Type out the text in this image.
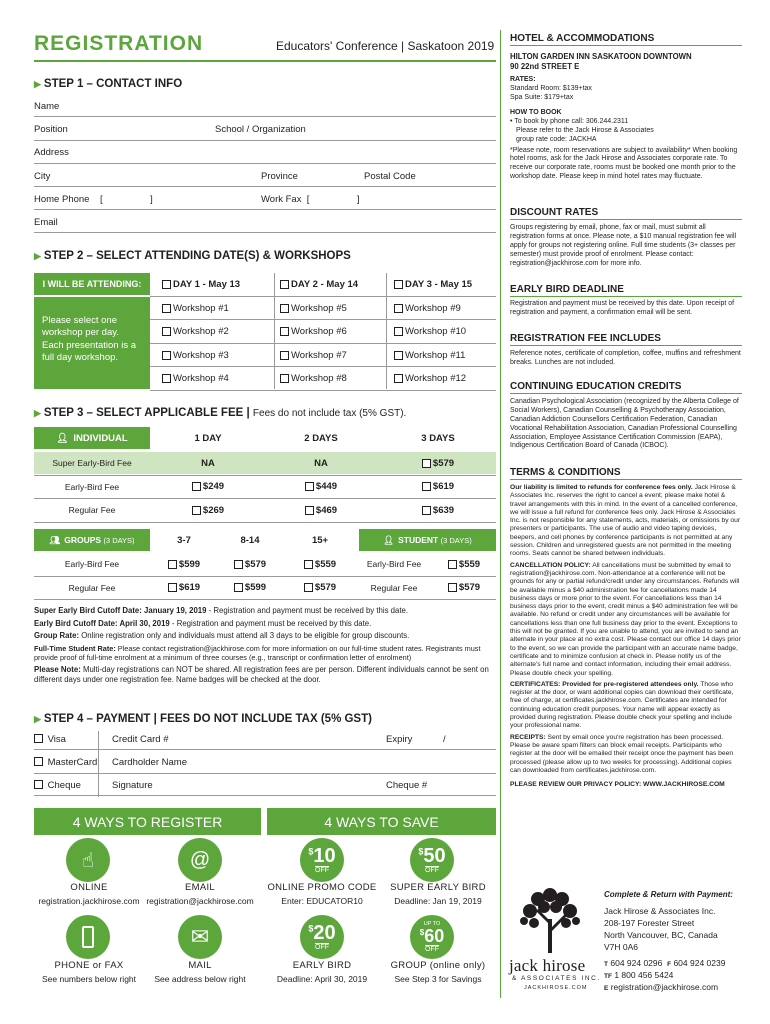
REGISTRATION	Educators' Conference | Saskatoon 2019
▶ STEP 1 – CONTACT INFO
Name
Position	School / Organization
Address
City	Province	Postal Code
Home Phone    [                  ]	Work Fax  [                  ]
Email
▶ STEP 2 – SELECT ATTENDING DATE(S) & WORKSHOPS
I WILL BE ATTENDING:
Please select one workshop per day. Each presentation is a full day workshop.
DAY 1 - May 13	DAY 2 - May 14	DAY 3 - May 15
Workshop #1	Workshop #5	Workshop #9
Workshop #2	Workshop #6	Workshop #10
Workshop #3	Workshop #7	Workshop #11
Workshop #4	Workshop #8	Workshop #12
▶ STEP 3 – SELECT APPLICABLE FEE | Fees do not include tax (5% GST).
👤︎ INDIVIDUAL	1 DAY	2 DAYS	3 DAYS
Super Early-Bird Fee	NA	NA	$579
Early-Bird Fee	$249	$449	$619
Regular Fee	$269	$469	$639
👥︎ GROUPS
(3 DAYS)	👤︎ STUDENT
(3 DAYS)
3-7	8-14	15+
Early-Bird Fee	$599	$579	$559	Early-Bird Fee	$559
Regular Fee	$619	$599	$579	Regular Fee	$579
Super Early Bird Cutoff Date: January 19, 2019 - Registration and payment must be received by this date.
Early Bird Cutoff Date: April 30, 2019 - Registration and payment must be received by this date.
Group Rate: Online registration only and individuals must attend all 3 days to be eligible for group discounts.
Full-Time Student Rate: Please contact registration@jackhirose.com for more information on our full-time student rates. Registrants must provide proof of full-time enrolment at a minimum of three courses (e.g., transcript or confirmation letter of enrolment)
Please Note: Multi-day registrations can NOT be shared. All registration fees are per person. Different individuals cannot be sent on different days under one registration fee. Name badges will be checked at the door.
▶ STEP 4 – PAYMENT | FEES DO NOT INCLUDE TAX (5% GST)
Visa	Credit Card #	Expiry	/
MasterCard Cardholder Name
Cheque	Signature	Cheque #
4 WAYS TO REGISTER	4 WAYS TO SAVE
☝︎	@	$10
OFF
$50
OFF
ONLINE
registration.jackhirose.com
EMAIL
registration@jackhirose.com
ONLINE PROMO CODE
Enter: EDUCATOR10
SUPER EARLY BIRD
Deadline: Jan 19, 2019
✉︎	$20
OFF
UP TO
$60
OFF
PHONE or FAX
See numbers below right
MAIL
See address below right
EARLY BIRD
Deadline: April 30, 2019
GROUP (online only)
See Step 3 for Savings
HOTEL & ACCOMMODATIONS
HILTON GARDEN INN SASKATOON DOWNTOWN
90 22nd STREET E
RATES:
Standard Room: $139+tax
Spa Suite: $179+tax
HOW TO BOOK
• To book by phone call: 306.244.2311
Please refer to the Jack Hirose & Associates
group rate code: JACKHA
*Please note, room reservations are subject to availability* When booking hotel rooms, ask for the Jack Hirose and Associates corporate rate. To receive our corporate rate, rooms must be booked one month prior to the workshop date. Please keep in mind hotel rates may fluctuate.
DISCOUNT RATES
Groups registering by email, phone, fax or mail, must submit all registration forms at once. Please note, a $10 manual registration fee will apply for groups not registering online. Full time students (3+ classes per semester) must provide proof of enrolment. Please contact: registration@jackhirose.com for more info.
EARLY BIRD DEADLINE
Registration and payment must be received by this date. Upon receipt of registration and payment, a confirmation email will be sent.
REGISTRATION FEE INCLUDES
Reference notes, certificate of completion, coffee, muffins and refreshment breaks. Lunches are not included.
CONTINUING EDUCATION CREDITS
Canadian Psychological Association (recognized by the Alberta College of Social Workers), Canadian Counselling & Psychotherapy Association, Canadian Addiction Counsellors Certification Federation, Canadian Vocational Rehabilitation Association, Canadian Professional Counselling Association, Employee Assistance Certification Commission (EAPA), Indigenous Certification Board of Canada (ICBOC).
TERMS & CONDITIONS
Our liability is limited to refunds for conference fees only. Jack Hirose & Associates Inc. reserves the right to cancel a event; please make hotel & travel arrangements with this in mind. In the event of a cancelled conference, we will issue a full refund for conference fees only. Jack Hirose & Associates Inc. is not responsible for any statements, acts, materials, or omissions by our presenters or participants. The use of audio and video taping devices, beepers, and cell phones by conference participants is not permitted at any session. Children and unregistered guests are not permitted in the meeting rooms. Seats cannot be shared between individuals.
CANCELLATION POLICY: All cancellations must be submitted by email to registration@jackhirose.com. Non-attendance at a conference will not be grounds for any or partial refund/credit under any circumstances. Refunds will be available minus a $40 administration fee for cancellations made 14 business days or more prior to the event. For cancellations less than 14 business days prior to the event, credit minus a $40 administration fee will be available. No refund or credit under any circumstances will be available for cancellations less than one full business day prior to the event. Exceptions to this will not be granted. If you are unable to attend, you are invited to send an alternate in your place at no extra cost. Please contact our office 14 days prior to the event, so we can provide the participant with an accurate name badge, certificate and to minimize confusion at check in. Please notify us of the alternate's full name and contact information, including their email address. Please double check your spelling.
CERTIFICATES: Provided for pre-registered attendees only. Those who register at the door, or want additional copies can download their certificate, free of charge, at certificates.jackhirose.com. Certificates are intended for continuing education credit purposes. Your name will appear exactly as provided during registration. Please double check your spelling and include your professional name.
RECEIPTS: Sent by email once you're registration has been processed. Please be aware spam filters can block email receipts. Participants who register at the door will be emailed their receipt once the payment has been processed (please allow up to two weeks for processing). Additional copies can downloaded from certificates.jackhirose.com.
PLEASE REVIEW OUR PRIVACY POLICY: WWW.JACKHIROSE.COM
jack hirose
& ASSOCIATES INC.
JACKHIROSE.COM
Complete & Return with Payment:
Jack Hirose & Associates Inc.
208-197 Forester Street
North Vancouver, BC, Canada
V7H 0A6
T 604 924 0296 F 604 924 0239
TF 1 800 456 5424
E registration@jackhirose.com
